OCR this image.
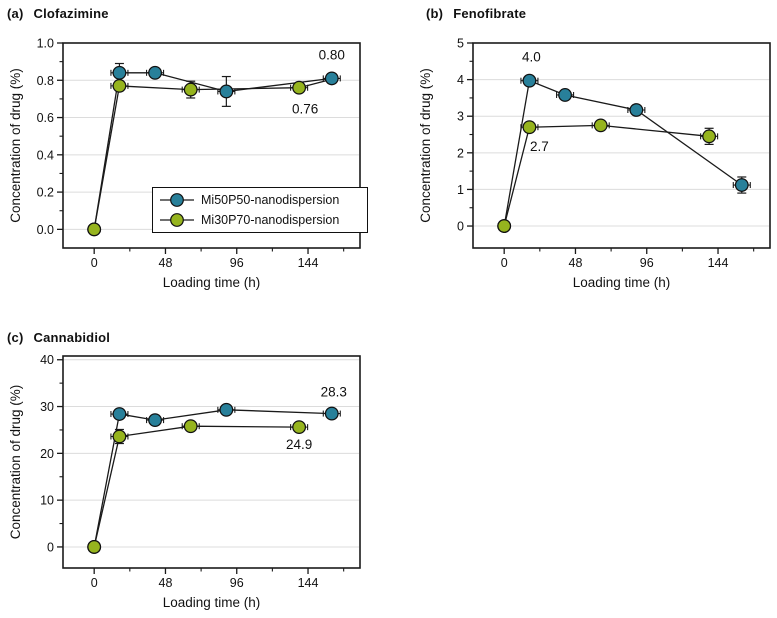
(a) Clofazimine
0	48	96	144
0.0
0.2
0.4
0.6
0.8
1.0
Loading time (h)
Concentration of drug (%)
0.80
0.76
Mi50P50-nanodispersion
Mi30P70-nanodispersion
(b) Fenofibrate
0	48	96	144
0
1
2
3
4
5
Loading time (h)
Concentration of drug (%)
4.0
2.7
(c) Cannabidiol
0	48	96	144
0
10
20
30
40
Loading time (h)
Concentration of drug (%)	28.3
24.9
